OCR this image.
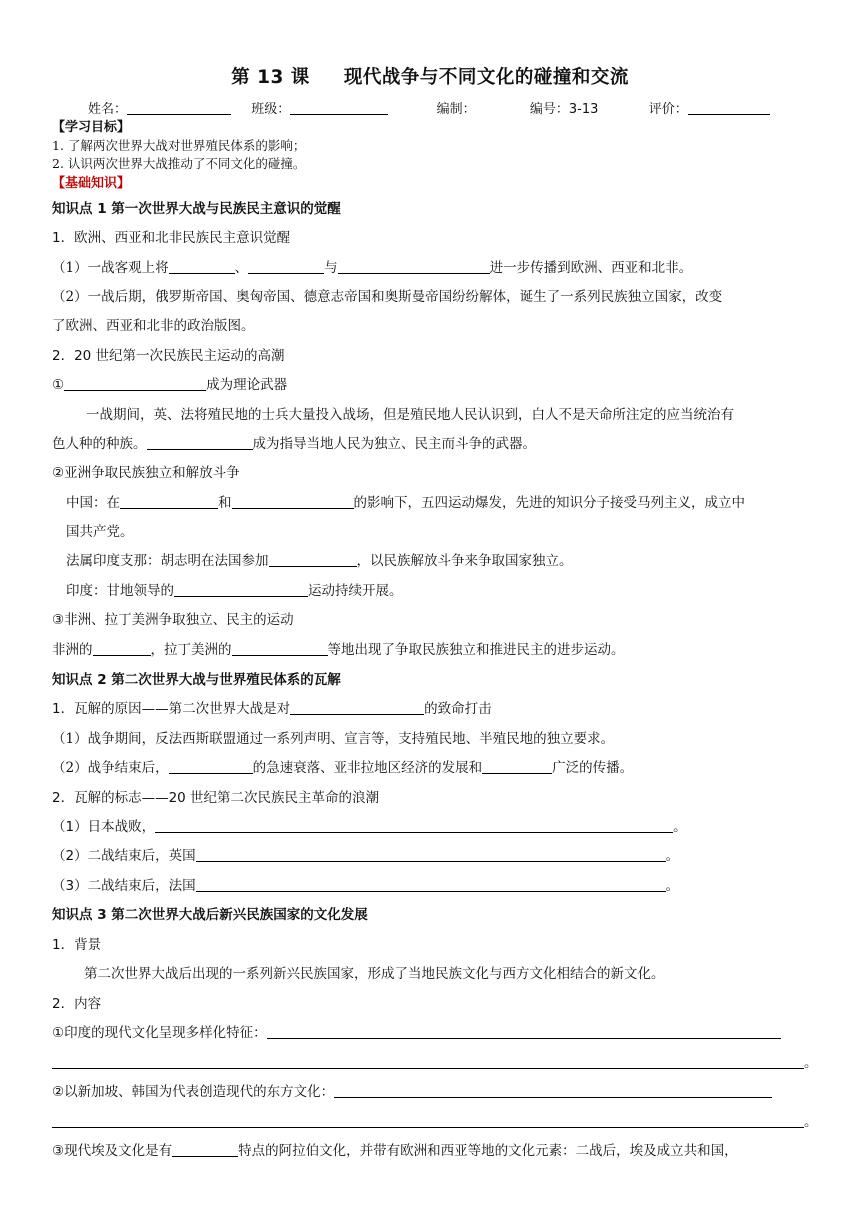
第 13 课 现代战争与不同文化的碰撞和交流
姓名：	班级：	编制：	编号：3-13	评价：
【学习目标】
1. 了解两次世界大战对世界殖民体系的影响；
2. 认识两次世界大战推动了不同文化的碰撞。
【基础知识】
知识点 1 第一次世界大战与民族民主意识的觉醒
1．欧洲、西亚和北非民族民主意识觉醒
（1）一战客观上将	、	与	进一步传播到欧洲、西亚和北非。
（2）一战后期，俄罗斯帝国、奥匈帝国、德意志帝国和奥斯曼帝国纷纷解体，诞生了一系列民族独立国家，改变
了欧洲、西亚和北非的政治版图。
2．20 世纪第一次民族民主运动的高潮
①	成为理论武器
一战期间，英、法将殖民地的士兵大量投入战场，但是殖民地人民认识到，白人不是天命所注定的应当统治有
色人种的种族。	成为指导当地人民为独立、民主而斗争的武器。
②亚洲争取民族独立和解放斗争
中国：在	和	的影响下，五四运动爆发，先进的知识分子接受马列主义，成立中
国共产党。
法属印度支那：胡志明在法国参加	，以民族解放斗争来争取国家独立。
印度：甘地领导的	运动持续开展。
③非洲、拉丁美洲争取独立、民主的运动
非洲的	，拉丁美洲的	等地出现了争取民族独立和推进民主的进步运动。
知识点 2 第二次世界大战与世界殖民体系的瓦解
1．瓦解的原因——第二次世界大战是对	的致命打击
（1）战争期间，反法西斯联盟通过一系列声明、宣言等，支持殖民地、半殖民地的独立要求。
（2）战争结束后，	的急速衰落、亚非拉地区经济的发展和	广泛的传播。
2．瓦解的标志——20 世纪第二次民族民主革命的浪潮
（1）日本战败，	。
（2）二战结束后，英国	。
（3）二战结束后，法国	。
知识点 3 第二次世界大战后新兴民族国家的文化发展
1．背景
第二次世界大战后出现的一系列新兴民族国家，形成了当地民族文化与西方文化相结合的新文化。
2．内容
①印度的现代文化呈现多样化特征：
。
②以新加坡、韩国为代表创造现代的东方文化：
。
③现代埃及文化是有	特点的阿拉伯文化，并带有欧洲和西亚等地的文化元素：二战后，埃及成立共和国，
